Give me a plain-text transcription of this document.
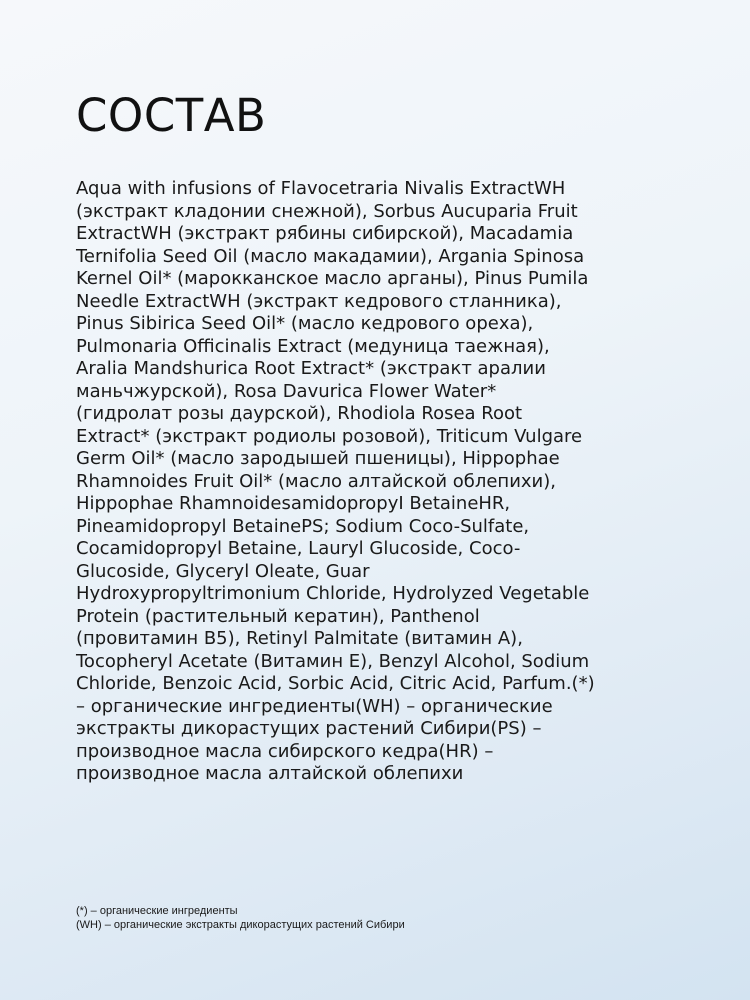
СОСТАВ

Aqua with infusions of Flavocetraria Nivalis ExtractWH (экстракт кладонии снежной), Sorbus Aucuparia Fruit ExtractWH (экстракт рябины сибирской), Macadamia Ternifolia Seed Oil (масло макадамии), Argania Spinosa Kernel Oil* (марокканское масло арганы), Pinus Pumila Needle ExtractWH (экстракт кедрового стланника), Pinus Sibirica Seed Oil* (масло кедрового ореха), Pulmonaria Officinalis Extract (медуница таежная), Aralia Mandshurica Root Extract* (экстракт аралии маньчжурской), Rosa Davurica Flower Water* (гидролат розы даурской), Rhodiola Rosea Root Extract* (экстракт родиолы розовой), Triticum Vulgare Germ Oil* (масло зародышей пшеницы), Hippophae Rhamnoides Fruit Oil* (масло алтайской облепихи), Hippophae RhamnoidesamidopropyI BetaineHR, Pineamidopropyl BetainePS; Sodium Coco-Sulfate, Cocamidopropyl Betaine, Lauryl Glucoside, Coco-Glucoside, Glyceryl Oleate, Guar Hydroxypropyltrimonium Chloride, Hydrolyzed Vegetable Protein (растительный кератин), Panthenol (провитамин B5), Retinyl Palmitate (витамин А), Tocopheryl Acetate (Витамин Е), Benzyl Alcohol, Sodium Chloride, Benzoic Acid, Sorbic Acid, Citric Acid, Parfum.(*) – органические ингредиенты(WH) – органические экстракты дикорастущих растений Сибири(PS) – производное масла сибирского кедра(HR) – производное масла алтайской облепихи

(*) – органические ингредиенты
(WH) – органические экстракты дикорастущих растений Сибири
